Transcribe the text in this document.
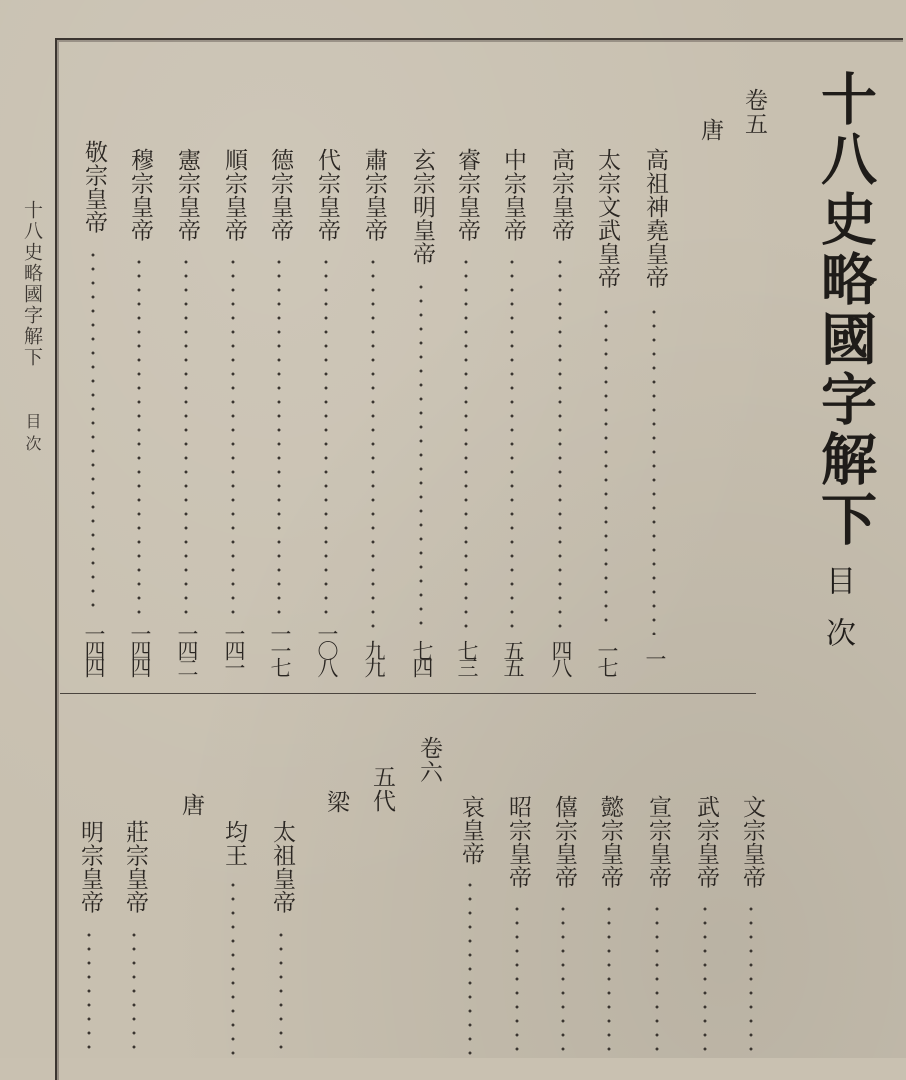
十八史略國字解下
目次	十八史略國字解下
目次
卷五
唐
高祖神堯皇帝
一
太宗文武皇帝
一七
高宗皇帝
四八
中宗皇帝
五五
睿宗皇帝
七三
玄宗明皇帝
七四
肅宗皇帝
九九
代宗皇帝
一〇八
德宗皇帝
一一七
順宗皇帝
一四一
憲宗皇帝
一四二
穆宗皇帝
一四四
敬宗皇帝
一四四
文宗皇帝
武宗皇帝
宣宗皇帝
懿宗皇帝
僖宗皇帝
昭宗皇帝
哀皇帝
卷六
五代
梁
太祖皇帝
均王
唐
莊宗皇帝
明宗皇帝
